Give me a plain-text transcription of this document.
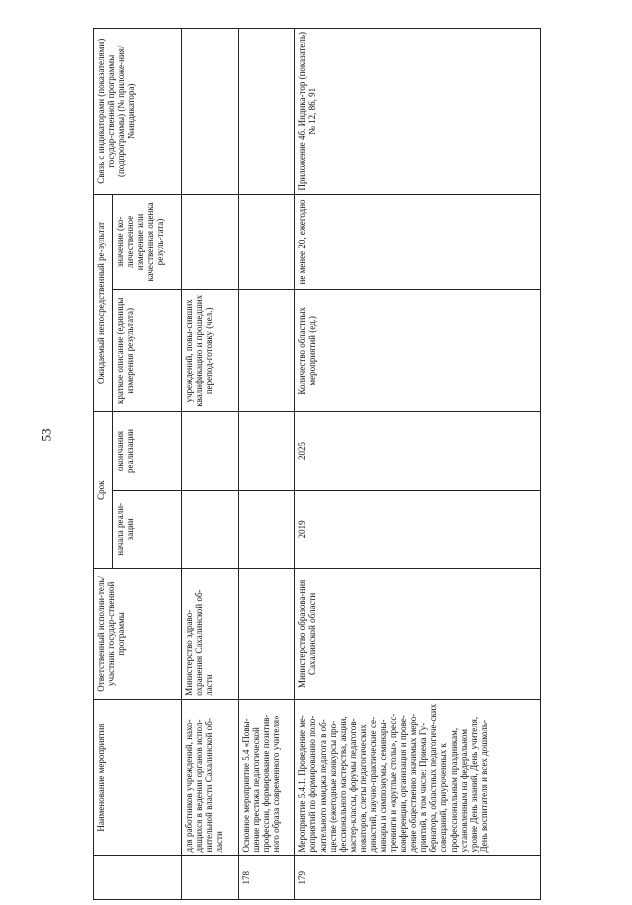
53
	Наименование мероприятия	Ответственный исполни-тель/участник государ-ственной программы	Срок		Ожидаемый непосредственный ре-зультат		Связь с индикаторами (показателями) государ-ственной программы (подпрограммы) (№ приложе-ния/№индикатора)
			начала реали-зации	окончания реализации	краткое описание (единицы измерения результата)	значение (ко-личественное измерение или качественная оценка резуль-тата)	
	для работников учреждений, нахо-дящихся в ведении органов испол-нительной власти Сахалинской об-ласти	Министерство здраво-охранения Сахалинской об-ласти			учреждений, повы-сивших квалификацию и прошедших перепод-готовку (чел.)		
178	Основное мероприятие 5.4 «Повы-шение престижа педагогической профессии, формирование позитив-ного образа современного учителя»						
179	Мероприятие 5.4.1. Проведение ме-роприятий по формированию поло-жительного имиджа педагога в об-ществе (ежегодные конкурсы про-фессионального мастерства, акции, мастер-классы, форумы педагогов-новаторов, слеты педагогических династий, научно-практические се-минары и симпозиумы, семинары-тренинги и «круглые столы», пресс-конференции, организация и прове-дение общественно значимых меро-приятий, в том числе: Приема Гу-бернатора, областных педагогиче-ских совещаний, приуроченных к профессиональным праздникам, установленным на федеральном уровне День знаний, День учителя, День воспитателя и всех дошколь-	Министерство образова-ния Сахалинской области	2019	2025	Количество областных мероприятий (ед.)	не менее 20, ежегодно	Приложение 4б. Индика-тор (показатель) № 12, 86, 91
